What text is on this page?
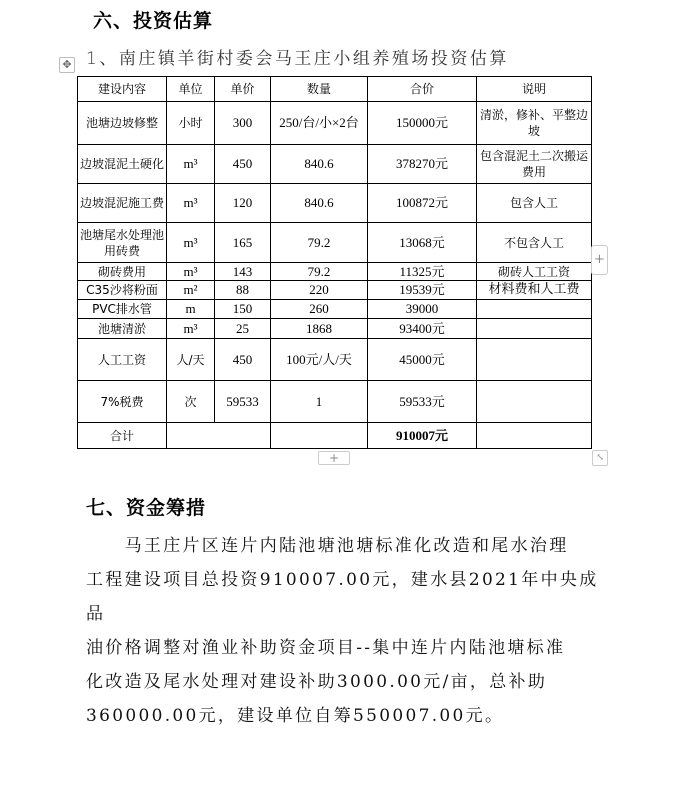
六、投资估算
✥ 1、南庄镇羊街村委会马王庄小组养殖场投资估算
建设内容	单位	单价	数量	合价	说明
池塘边坡修整	小时	300	250/台/小×2台	150000元	清淤，修补、平整边坡
边坡混泥土硬化	m³	450	840.6	378270元	包含混泥土二次搬运费用
边坡混泥施工费	m³	120	840.6	100872元	包含人工
池塘尾水处理池用砖费	m³	165	79.2	13068元	不包含人工
砌砖费用	m³	143	79.2	11325元	砌砖人工工资
C35沙将粉面	m²	88	220	19539元	材料费和人工费
PVC排水管	m	150	260	39000	
池塘清淤	m³	25	1868	93400元	
人工工资	人/天	450	100元/人/天	45000元	
7%税费	次	59533	1	59533元	
合计				910007元	
+
+	⤡
七、资金筹措

　　马王庄片区连片内陆池塘池塘标准化改造和尾水治理

工程建设项目总投资910007.00元，建水县2021年中央成品

油价格调整对渔业补助资金项目--集中连片内陆池塘标准

化改造及尾水处理对建设补助3000.00元/亩，总补助

360000.00元，建设单位自筹550007.00元。
